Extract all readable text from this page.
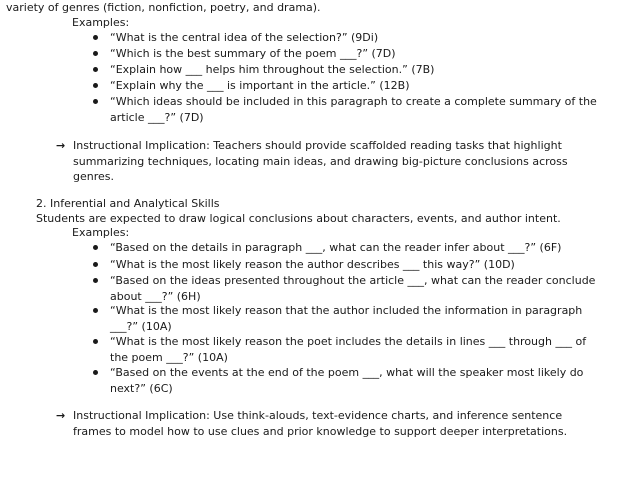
variety of genres (fiction, nonfiction, poetry, and drama).
Examples:
“What is the central idea of the selection?” (9Di)
“Which is the best summary of the poem ___?” (7D)
“Explain how ___ helps him throughout the selection.” (7B)
“Explain why the ___ is important in the article.” (12B)
“Which ideas should be included in this paragraph to create a complete summary of the article ___?” (7D)
→ Instructional Implication: Teachers should provide scaffolded reading tasks that highlight summarizing techniques, locating main ideas, and drawing big-picture conclusions across genres.
2. Inferential and Analytical Skills
Students are expected to draw logical conclusions about characters, events, and author intent.
Examples:
“Based on the details in paragraph ___, what can the reader infer about ___?” (6F)
“What is the most likely reason the author describes ___ this way?” (10D)
“Based on the ideas presented throughout the article ___, what can the reader conclude about ___?” (6H)
“What is the most likely reason that the author included the information in paragraph ___?” (10A)
“What is the most likely reason the poet includes the details in lines ___ through ___ of the poem ___?” (10A)
“Based on the events at the end of the poem ___, what will the speaker most likely do next?” (6C)
→ Instructional Implication: Use think-alouds, text-evidence charts, and inference sentence frames to model how to use clues and prior knowledge to support deeper interpretations.
